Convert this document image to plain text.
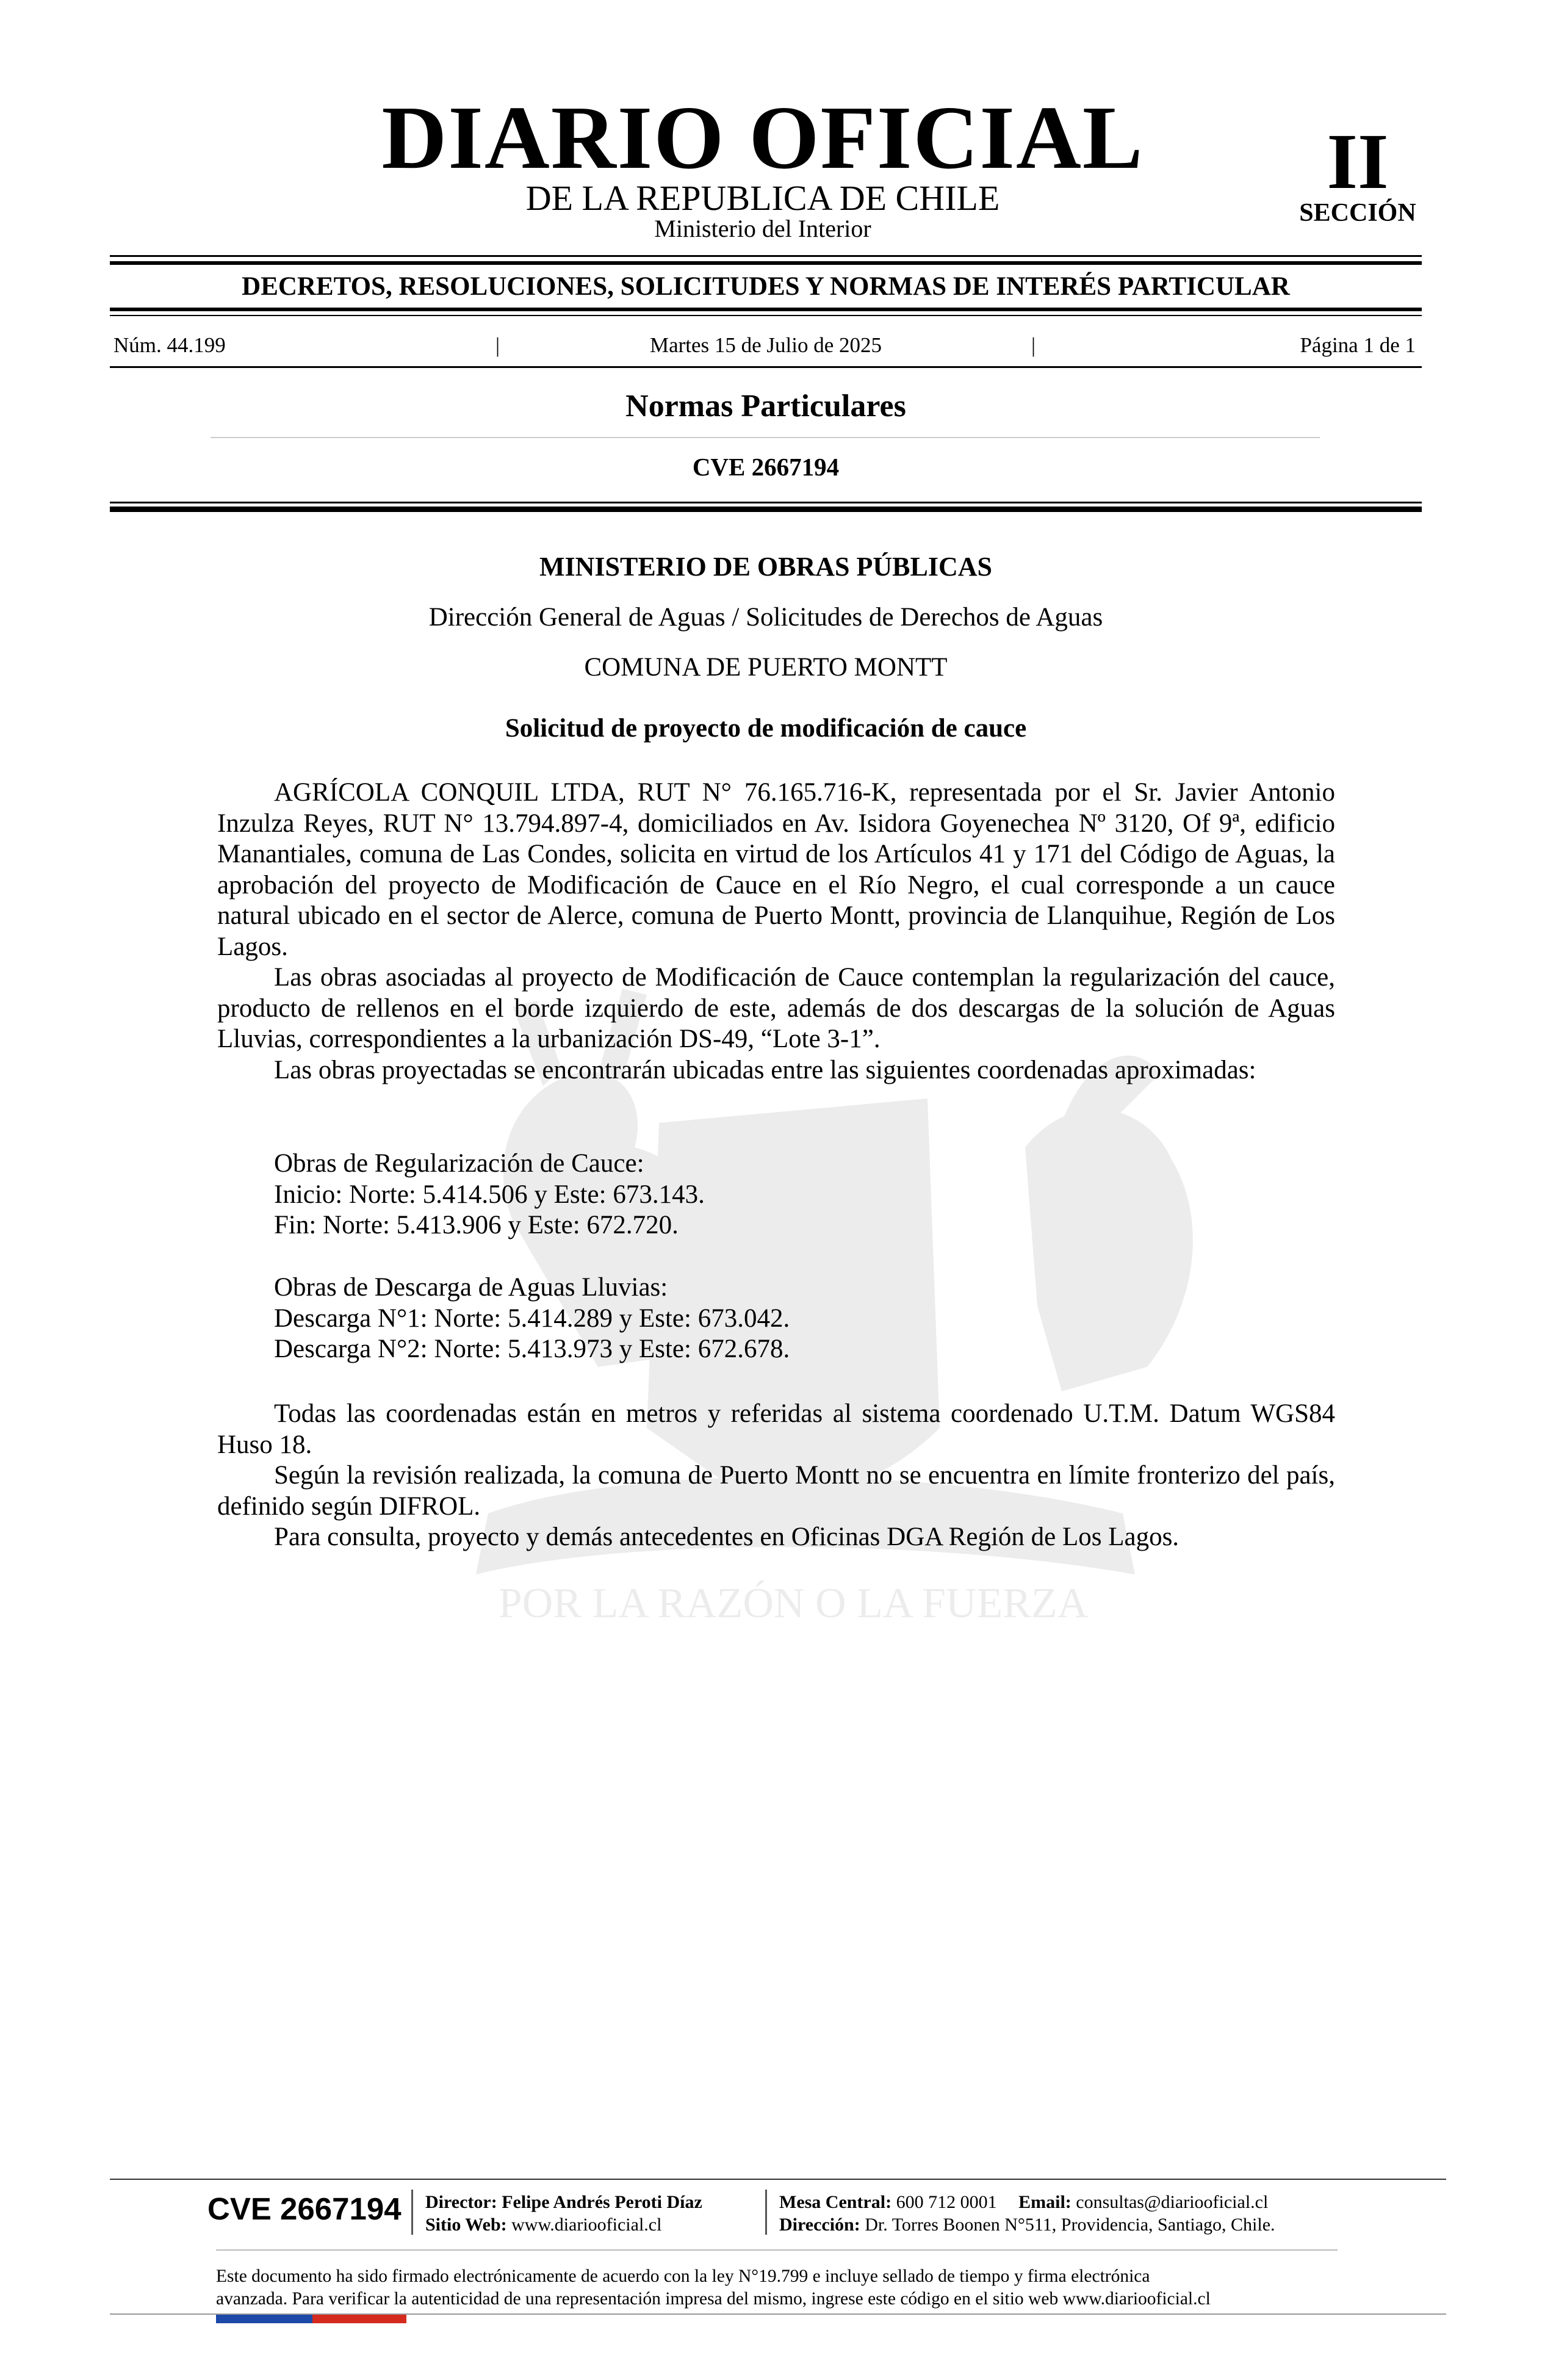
POR LA RAZÓN O LA FUERZA
DIARIO OFICIAL
DE LA REPUBLICA DE CHILE
Ministerio del Interior
II
SECCIÓN
DECRETOS, RESOLUCIONES, SOLICITUDES Y NORMAS DE INTERÉS PARTICULAR
Núm. 44.199	|	Martes 15 de Julio de 2025	|	Página 1 de 1
Normas Particulares
CVE 2667194
MINISTERIO DE OBRAS PÚBLICAS
Dirección General de Aguas / Solicitudes de Derechos de Aguas
COMUNA DE PUERTO MONTT
Solicitud de proyecto de modificación de cauce

AGRÍCOLA CONQUIL LTDA, RUT N° 76.165.716-K, representada por el Sr. Javier Antonio Inzulza Reyes, RUT N° 13.794.897-4, domiciliados en Av. Isidora Goyenechea Nº 3120, Of 9ª, edificio Manantiales, comuna de Las Condes, solicita en virtud de los Artículos 41 y 171 del Código de Aguas, la aprobación del proyecto de Modificación de Cauce en el Río Negro, el cual corresponde a un cauce natural ubicado en el sector de Alerce, comuna de Puerto Montt, provincia de Llanquihue, Región de Los Lagos.

Las obras asociadas al proyecto de Modificación de Cauce contemplan la regularización del cauce, producto de rellenos en el borde izquierdo de este, además de dos descargas de la solución de Aguas Lluvias, correspondientes a la urbanización DS-49, “Lote 3-1”.

Las obras proyectadas se encontrarán ubicadas entre las siguientes coordenadas aproximadas:

Obras de Regularización de Cauce:
Inicio: Norte: 5.414.506 y Este: 673.143.
Fin: Norte: 5.413.906 y Este: 672.720.
Obras de Descarga de Aguas Lluvias:
Descarga N°1: Norte: 5.414.289 y Este: 673.042.
Descarga N°2: Norte: 5.413.973 y Este: 672.678.

Todas las coordenadas están en metros y referidas al sistema coordenado U.T.M. Datum WGS84 Huso 18.

Según la revisión realizada, la comuna de Puerto Montt no se encuentra en límite fronterizo del país, definido según DIFROL.

Para consulta, proyecto y demás antecedentes en Oficinas DGA Región de Los Lagos.

CVE 2667194 Director: Felipe Andrés Peroti Díaz
Sitio Web: www.diariooficial.cl
Mesa Central: 600 712 0001 Email: consultas@diariooficial.cl
Dirección: Dr. Torres Boonen N°511, Providencia, Santiago, Chile.
Este documento ha sido firmado electrónicamente de acuerdo con la ley N°19.799 e incluye sellado de tiempo y firma electrónica
avanzada. Para verificar la autenticidad de una representación impresa del mismo, ingrese este código en el sitio web www.diariooficial.cl
